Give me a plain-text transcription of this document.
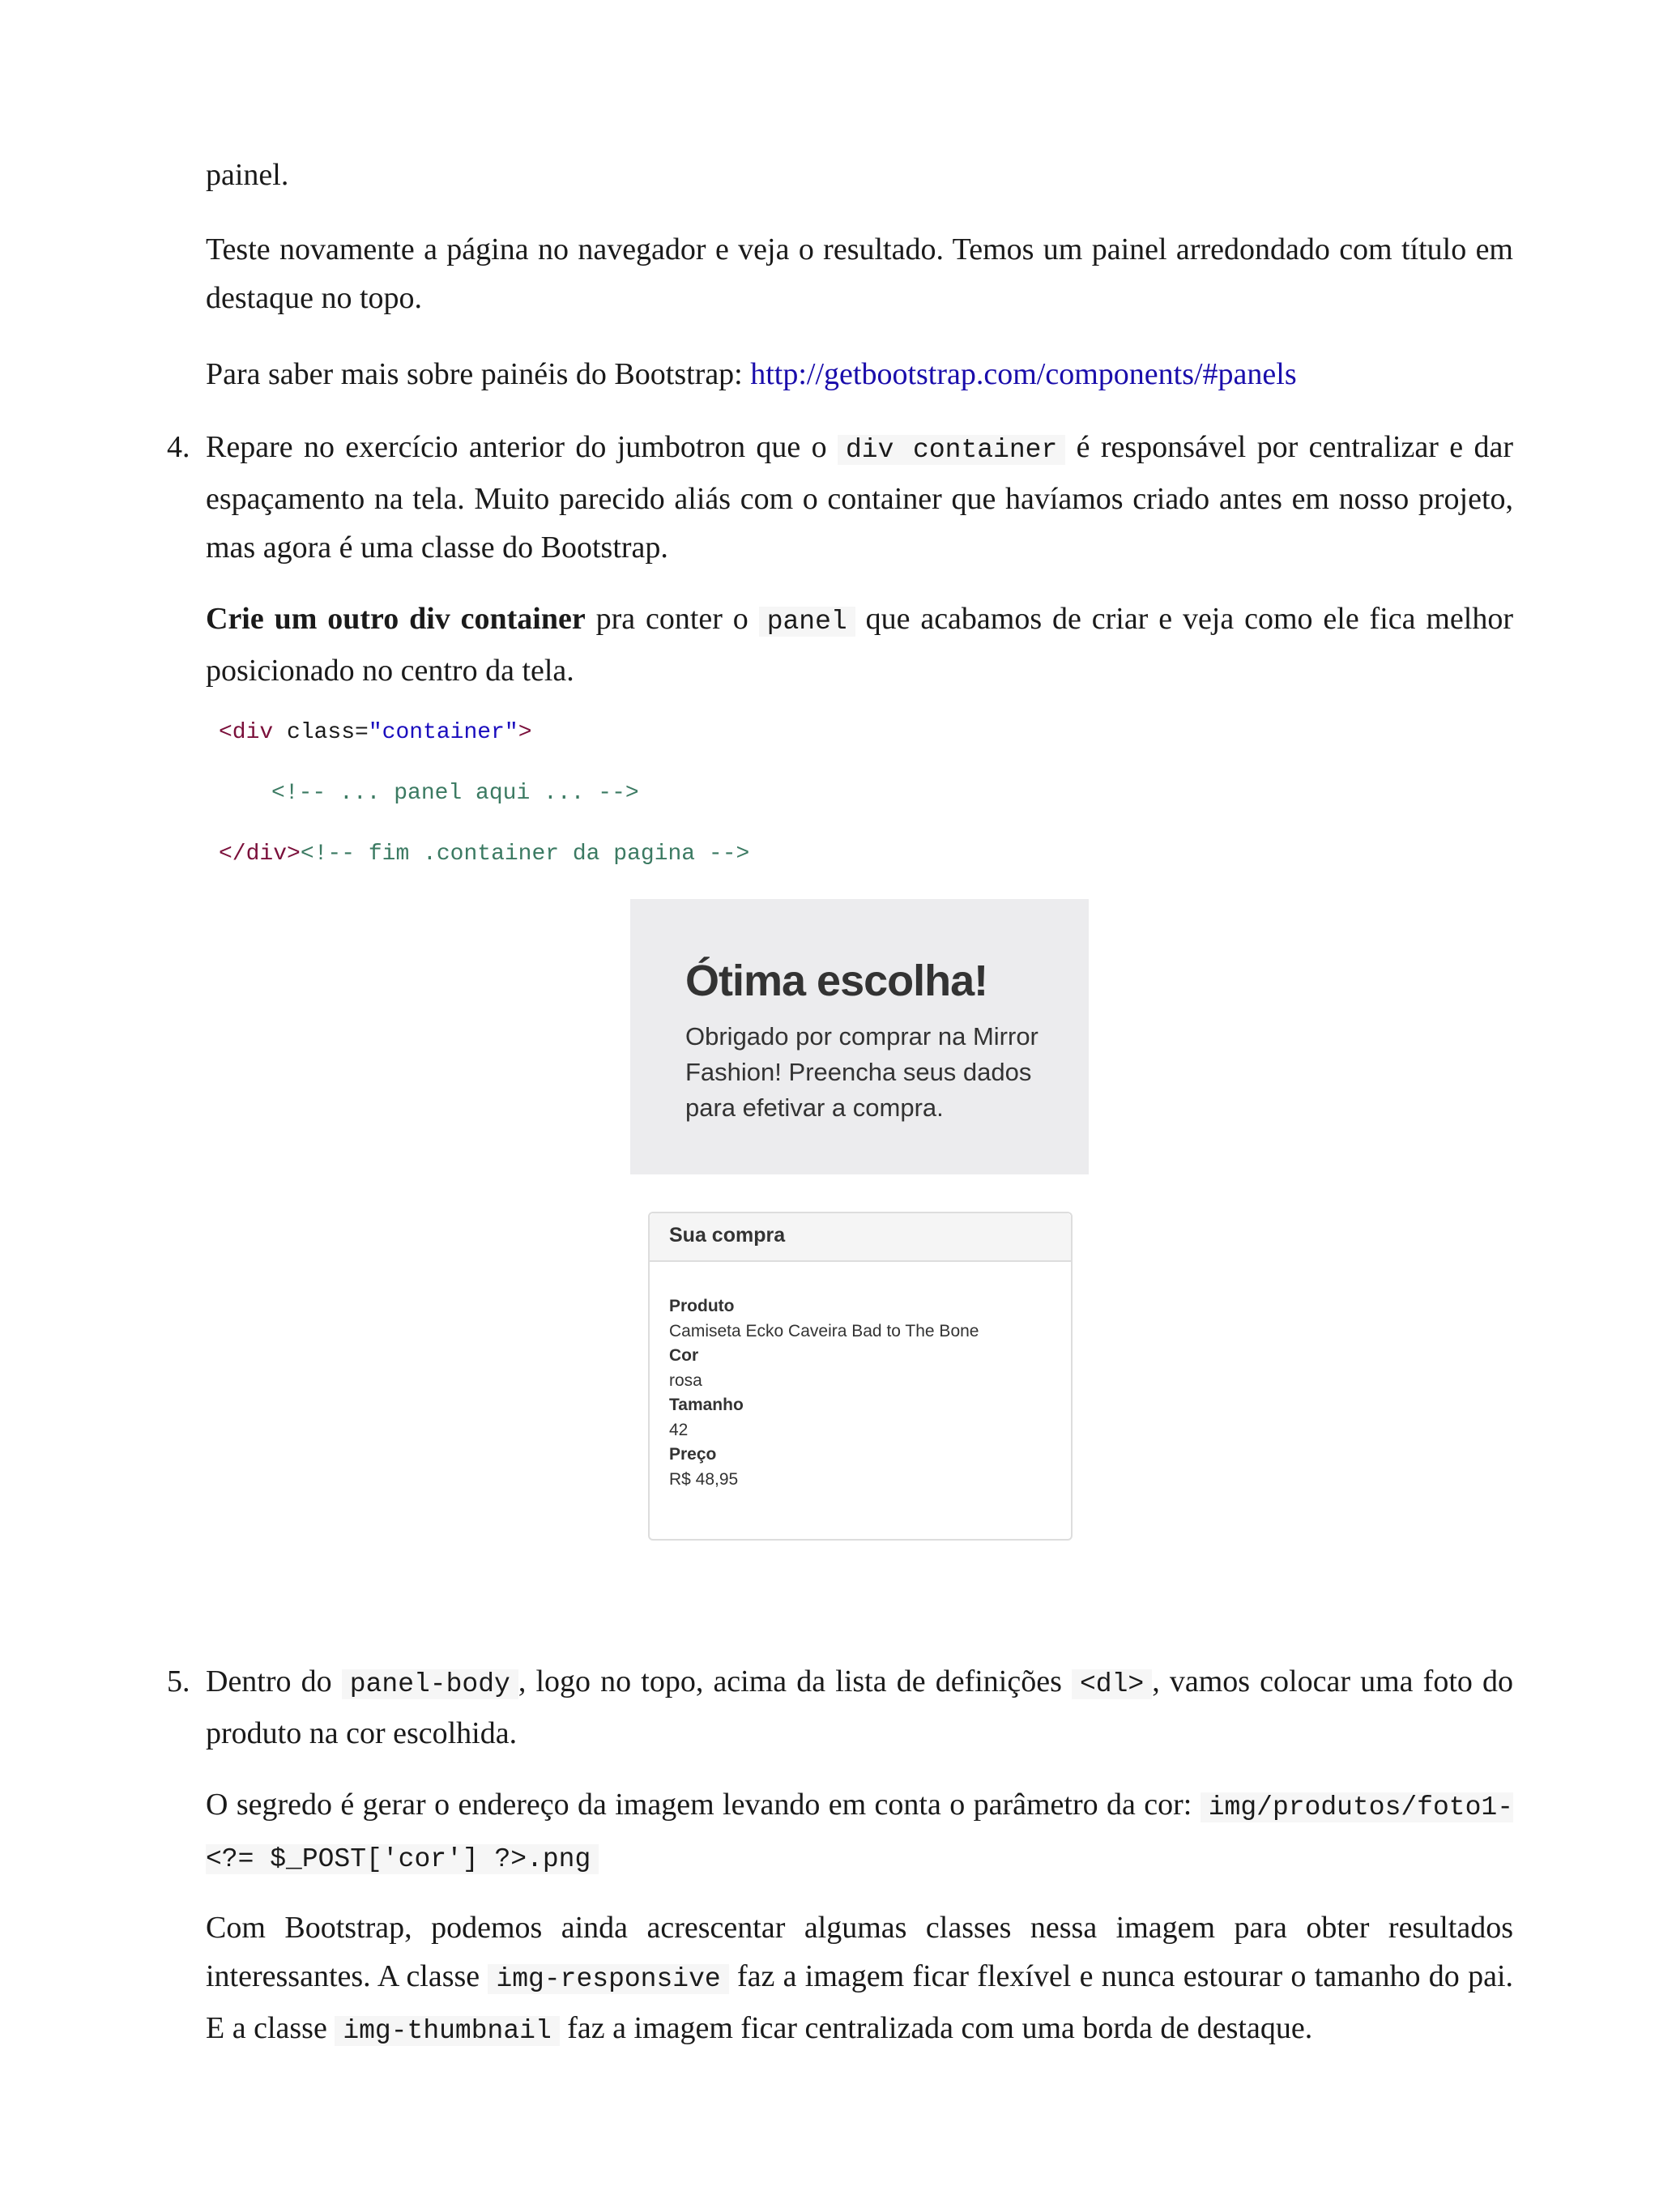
painel.

Teste novamente a página no navegador e veja o resultado. Temos um painel arredondado com título em destaque no topo.

Para saber mais sobre painéis do Bootstrap: http://getbootstrap.com/components/#panels

4. Repare no exercício anterior do jumbotron que o div container é responsável por centralizar e dar espaçamento na tela. Muito parecido aliás com o container que havíamos criado antes em nosso projeto, mas agora é uma classe do Bootstrap.

Crie um outro div container pra conter o panel que acabamos de criar e veja como ele fica melhor posicionado no centro da tela.

<div class="container">
<!-- ... panel aqui ... -->
</div><!-- fim .container da pagina -->
Ótima escolha!

Obrigado por comprar na Mirror Fashion! Preencha seus dados para efetivar a compra.

Sua compra
Produto
Camiseta Ecko Caveira Bad to The Bone
Cor
rosa
Tamanho
42
Preço
R$ 48,95
5. Dentro do panel-body , logo no topo, acima da lista de definições <dl> , vamos colocar uma foto do produto na cor escolhida.

O segredo é gerar o endereço da imagem levando em conta o parâmetro da cor: img/produtos/foto1-<?= $_POST['cor'] ?>.png

Com Bootstrap, podemos ainda acrescentar algumas classes nessa imagem para obter resultados interessantes. A classe img-responsive faz a imagem ficar flexível e nunca estourar o tamanho do pai. E a classe img-thumbnail faz a imagem ficar centralizada com uma borda de destaque.
